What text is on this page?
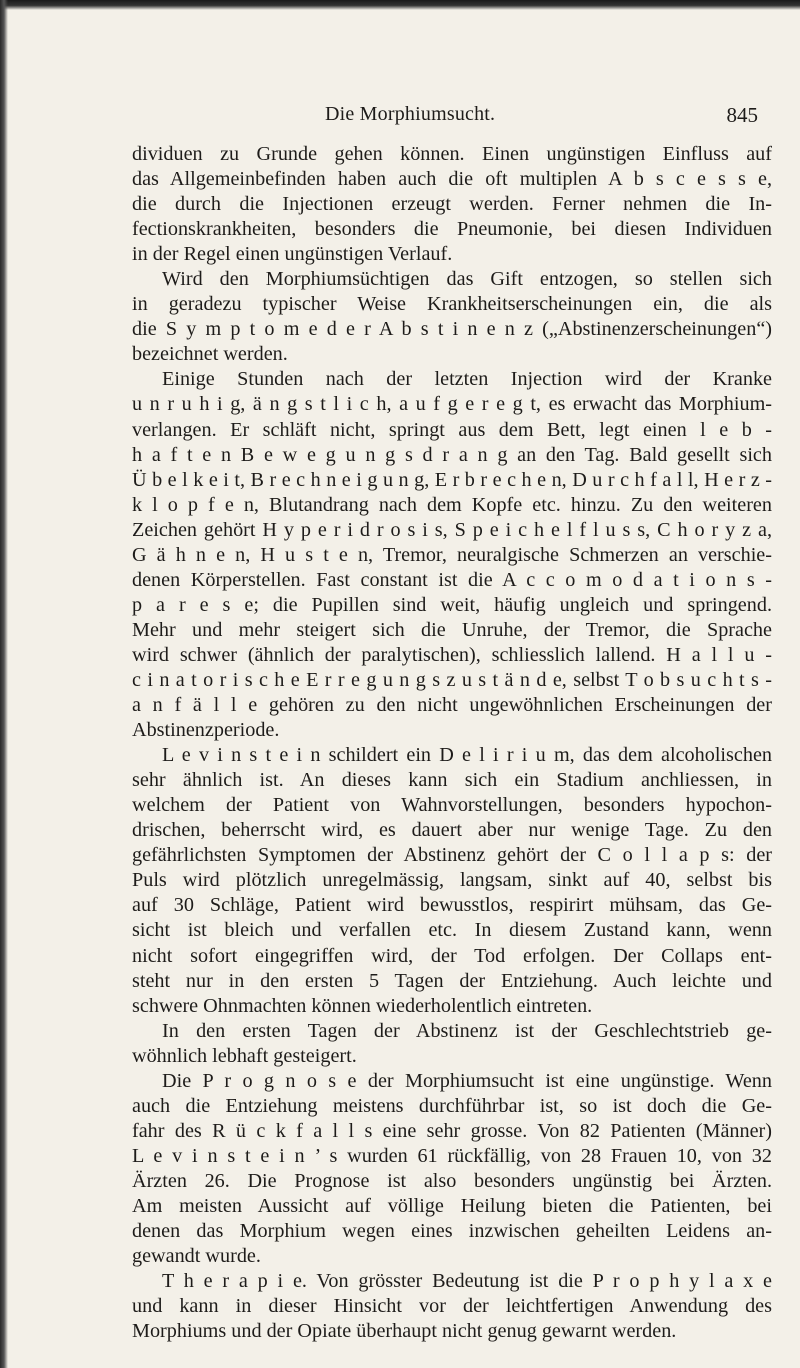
Die Morphiumsucht.	845
dividuen zu Grunde gehen können. Einen ungünstigen Einfluss auf
das Allgemeinbefinden haben auch die oft multiplen A b s c e s s e,
die durch die Injectionen erzeugt werden. Ferner nehmen die In-
fectionskrankheiten, besonders die Pneumonie, bei diesen Individuen
in der Regel einen ungünstigen Verlauf.
Wird den Morphiumsüchtigen das Gift entzogen, so stellen sich
in geradezu typischer Weise Krankheitserscheinungen ein, die als
die S y m p t o m e d e r A b s t i n e n z („Abstinenzerscheinungen“)
bezeichnet werden.
Einige Stunden nach der letzten Injection wird der Kranke
u n r u h i g, ä n g s t l i c h, a u f g e r e g t, es erwacht das Morphium-
verlangen. Er schläft nicht, springt aus dem Bett, legt einen l e b -
h a f t e n B e w e g u n g s d r a n g an den Tag. Bald gesellt sich
Ü b e l k e i t, B r e c h n e i g u n g, E r b r e c h e n, D u r c h f a l l, H e r z -
k l o p f e n, Blutandrang nach dem Kopfe etc. hinzu. Zu den weiteren
Zeichen gehört H y p e r i d r o s i s, S p e i c h e l f l u s s, C h o r y z a,
G ä h n e n, H u s t e n, Tremor, neuralgische Schmerzen an verschie-
denen Körperstellen. Fast constant ist die A c c o m o d a t i o n s -
p a r e s e; die Pupillen sind weit, häufig ungleich und springend.
Mehr und mehr steigert sich die Unruhe, der Tremor, die Sprache
wird schwer (ähnlich der paralytischen), schliesslich lallend. H a l l u -
c i n a t o r i s c h e E r r e g u n g s z u s t ä n d e, selbst T o b s u c h t s -
a n f ä l l e gehören zu den nicht ungewöhnlichen Erscheinungen der
Abstinenzperiode.
L e v i n s t e i n schildert ein D e l i r i u m, das dem alcoholischen
sehr ähnlich ist. An dieses kann sich ein Stadium anchliessen, in
welchem der Patient von Wahnvorstellungen, besonders hypochon-
drischen, beherrscht wird, es dauert aber nur wenige Tage. Zu den
gefährlichsten Symptomen der Abstinenz gehört der C o l l a p s: der
Puls wird plötzlich unregelmässig, langsam, sinkt auf 40, selbst bis
auf 30 Schläge, Patient wird bewusstlos, respirirt mühsam, das Ge-
sicht ist bleich und verfallen etc. In diesem Zustand kann, wenn
nicht sofort eingegriffen wird, der Tod erfolgen. Der Collaps ent-
steht nur in den ersten 5 Tagen der Entziehung. Auch leichte und
schwere Ohnmachten können wiederholentlich eintreten.
In den ersten Tagen der Abstinenz ist der Geschlechtstrieb ge-
wöhnlich lebhaft gesteigert.
Die P r o g n o s e der Morphiumsucht ist eine ungünstige. Wenn
auch die Entziehung meistens durchführbar ist, so ist doch die Ge-
fahr des R ü c k f a l l s eine sehr grosse. Von 82 Patienten (Männer)
L e v i n s t e i n ’ s wurden 61 rückfällig, von 28 Frauen 10, von 32
Ärzten 26. Die Prognose ist also besonders ungünstig bei Ärzten.
Am meisten Aussicht auf völlige Heilung bieten die Patienten, bei
denen das Morphium wegen eines inzwischen geheilten Leidens an-
gewandt wurde.
T h e r a p i e. Von grösster Bedeutung ist die P r o p h y l a x e
und kann in dieser Hinsicht vor der leichtfertigen Anwendung des
Morphiums und der Opiate überhaupt nicht genug gewarnt werden.
